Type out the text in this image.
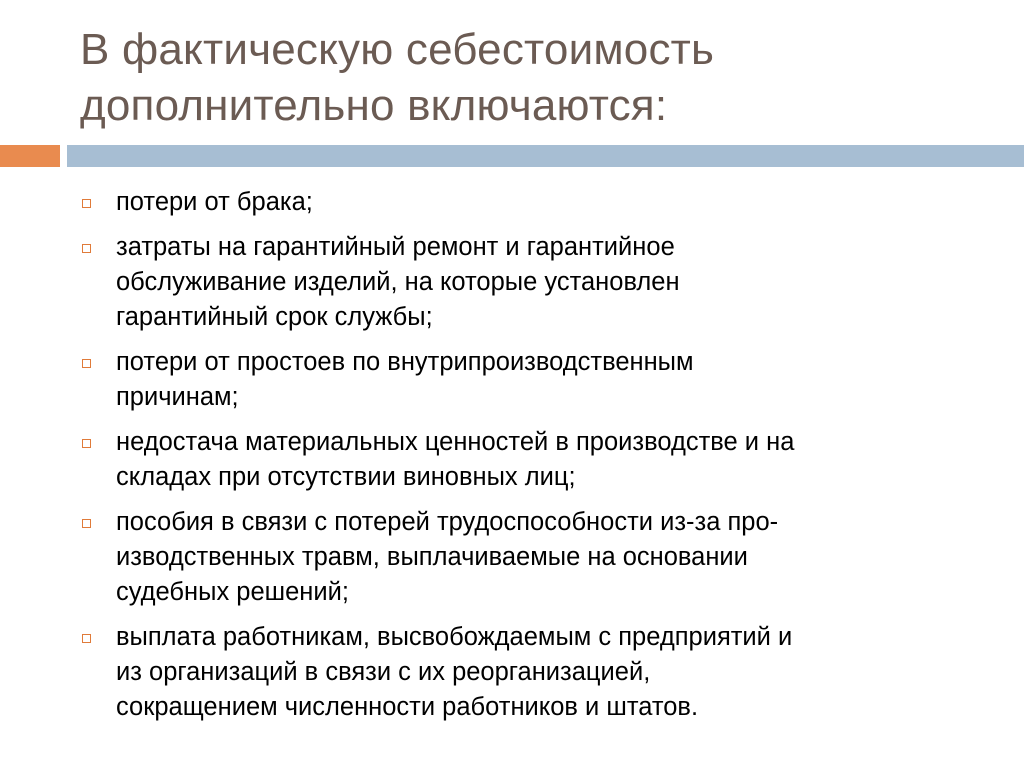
В фактическую себестоимость
дополнительно включаются:
потери от брака;
затраты на гарантийный ремонт и гарантийное
обслуживание изделий, на которые установлен
гарантийный срок службы;
потери от простоев по внутрипроизводственным
причинам;
недостача материальных ценностей в производстве и на
складах при отсутствии виновных лиц;
пособия в связи с потерей трудоспособности из-за про-
изводственных травм, выплачиваемые на основании
судебных решений;
выплата работникам, высвобождаемым с предприятий и
из организаций в связи с их реорганизацией,
сокращением численности работников и штатов.
